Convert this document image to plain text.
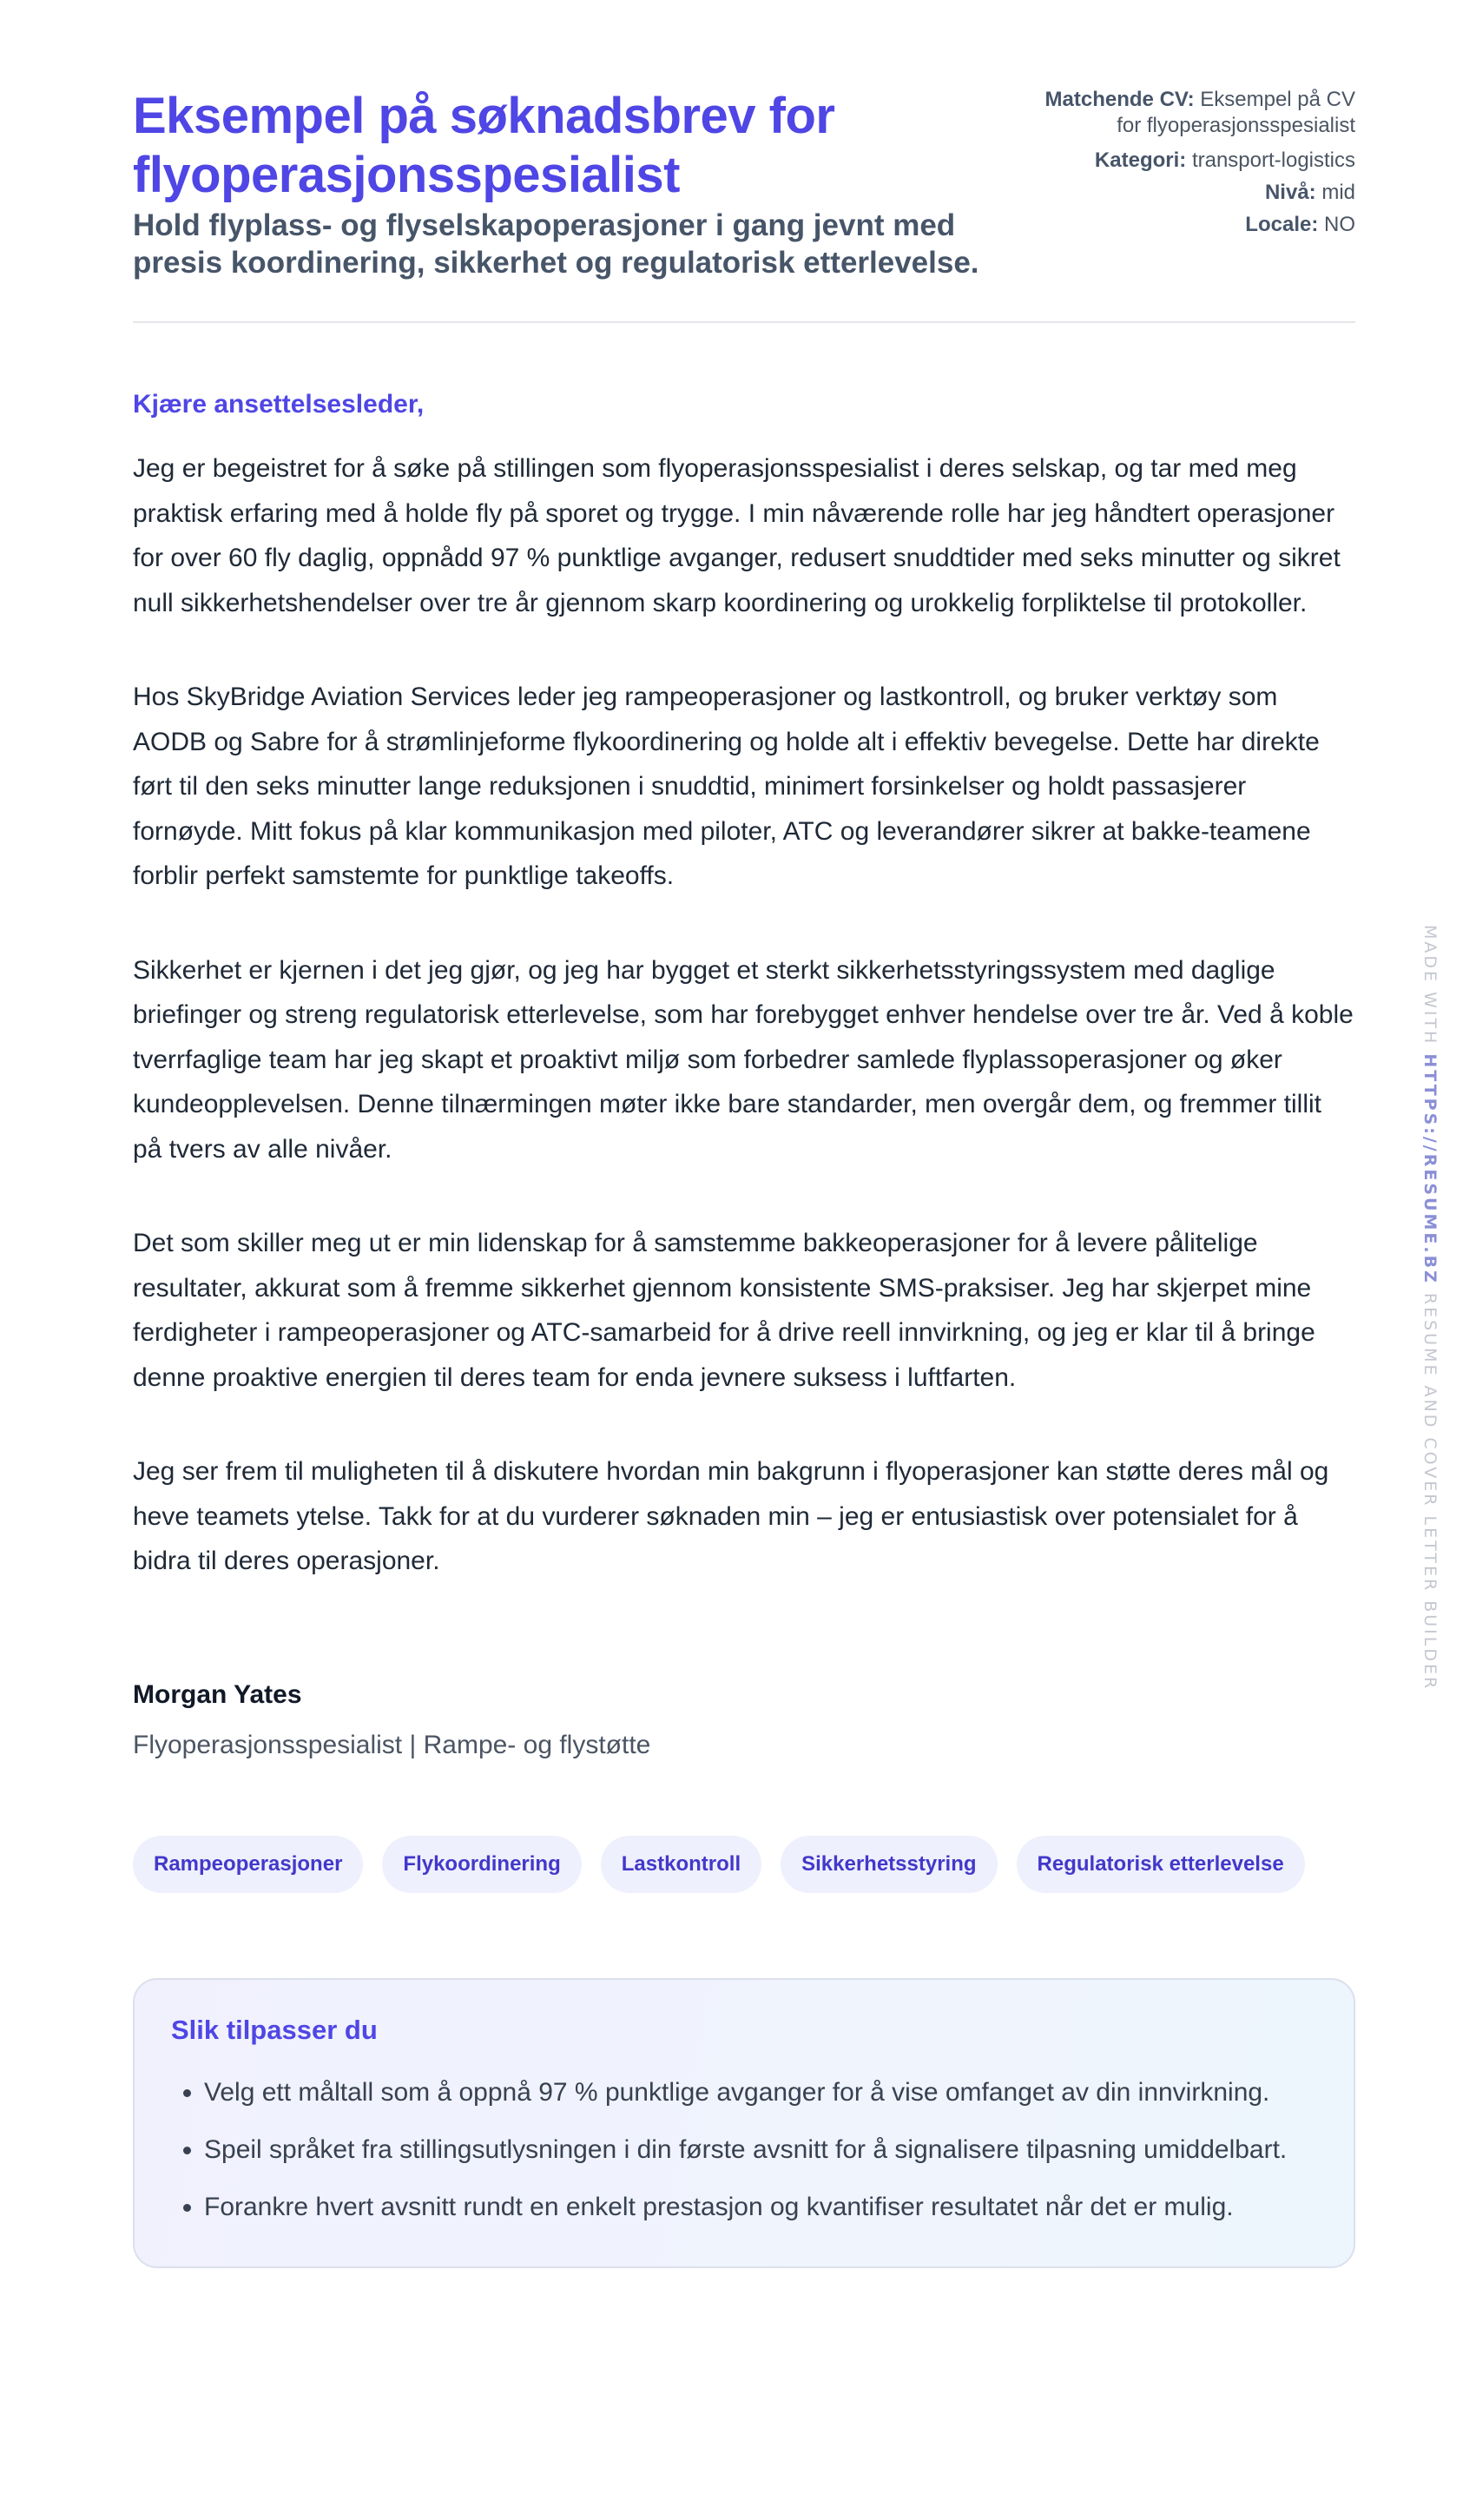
Eksempel på søknadsbrev for flyoperasjonsspesialist
Hold flyplass- og flyselskapoperasjoner i gang jevnt med presis koordinering, sikkerhet og regulatorisk etterlevelse.

Matchende CV: Eksempel på CV for flyoperasjonsspesialist

Kategori: transport-logistics

Nivå: mid

Locale: NO

Kjære ansettelsesleder,

Jeg er begeistret for å søke på stillingen som flyoperasjonsspesialist i deres selskap, og tar med meg praktisk erfaring med å holde fly på sporet og trygge. I min nåværende rolle har jeg håndtert operasjoner for over 60 fly daglig, oppnådd 97 % punktlige avganger, redusert snuddtider med seks minutter og sikret null sikkerhetshendelser over tre år gjennom skarp koordinering og urokkelig forpliktelse til protokoller.

Hos SkyBridge Aviation Services leder jeg rampeoperasjoner og lastkontroll, og bruker verktøy som AODB og Sabre for å strømlinjeforme flykoordinering og holde alt i effektiv bevegelse. Dette har direkte ført til den seks minutter lange reduksjonen i snuddtid, minimert forsinkelser og holdt passasjerer fornøyde. Mitt fokus på klar kommunikasjon med piloter, ATC og leverandører sikrer at bakke-teamene forblir perfekt samstemte for punktlige takeoffs.

Sikkerhet er kjernen i det jeg gjør, og jeg har bygget et sterkt sikkerhetsstyringssystem med daglige briefinger og streng regulatorisk etterlevelse, som har forebygget enhver hendelse over tre år. Ved å koble tverrfaglige team har jeg skapt et proaktivt miljø som forbedrer samlede flyplassoperasjoner og øker kundeopplevelsen. Denne tilnærmingen møter ikke bare standarder, men overgår dem, og fremmer tillit på tvers av alle nivåer.

Det som skiller meg ut er min lidenskap for å samstemme bakkeoperasjoner for å levere pålitelige resultater, akkurat som å fremme sikkerhet gjennom konsistente SMS-praksiser. Jeg har skjerpet mine ferdigheter i rampeoperasjoner og ATC-samarbeid for å drive reell innvirkning, og jeg er klar til å bringe denne proaktive energien til deres team for enda jevnere suksess i luftfarten.

Jeg ser frem til muligheten til å diskutere hvordan min bakgrunn i flyoperasjoner kan støtte deres mål og heve teamets ytelse. Takk for at du vurderer søknaden min – jeg er entusiastisk over potensialet for å bidra til deres operasjoner.

Morgan Yates

Flyoperasjonsspesialist | Rampe- og flystøtte

Rampeoperasjoner	Flykoordinering	Lastkontroll	Sikkerhetsstyring	Regulatorisk etterlevelse
Slik tilpasser du
• Velg ett måltall som å oppnå 97 % punktlige avganger for å vise omfanget av din innvirkning.
• Speil språket fra stillingsutlysningen i din første avsnitt for å signalisere tilpasning umiddelbart.
• Forankre hvert avsnitt rundt en enkelt prestasjon og kvantifiser resultatet når det er mulig.
MADE WITH HTTPS://RESUME.BZ RESUME AND COVER LETTER BUILDER
